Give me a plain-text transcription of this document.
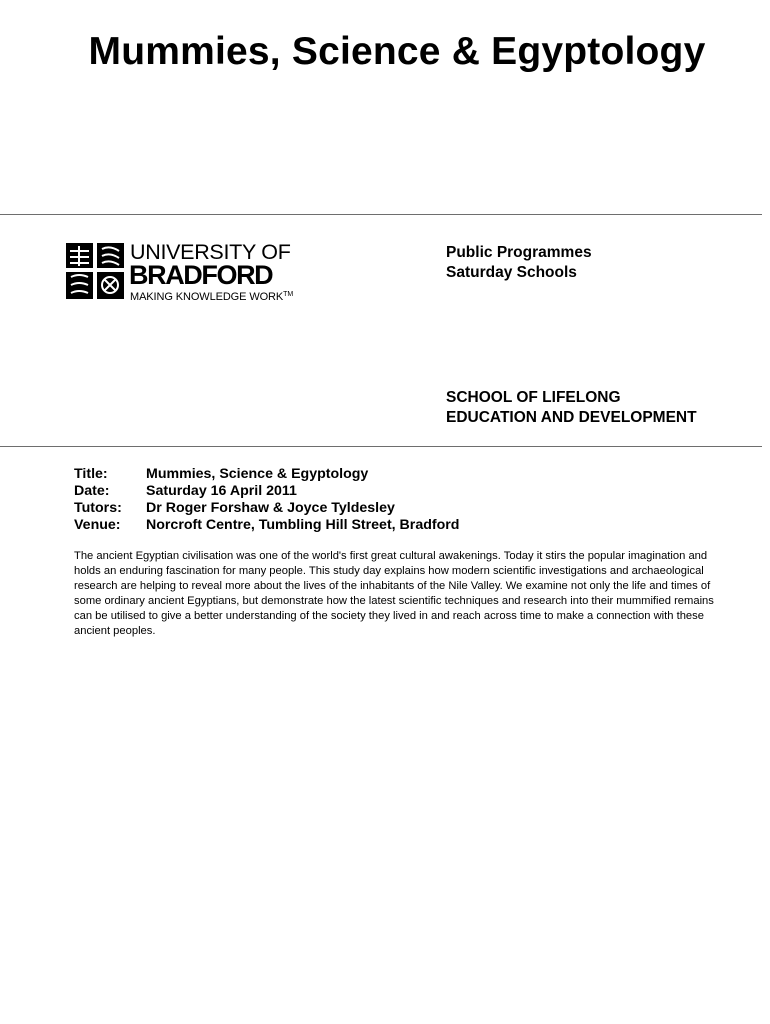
Mummies, Science & Egyptology
UNIVERSITY OF
BRADFORD
MAKING KNOWLEDGE WORK™
Public Programmes
Saturday Schools
SCHOOL OF LIFELONG
EDUCATION AND DEVELOPMENT
Title:	Mummies, Science & Egyptology
Date:	Saturday 16 April 2011
Tutors: Dr Roger Forshaw & Joyce Tyldesley
Venue: Norcroft Centre, Tumbling Hill Street, Bradford

The ancient Egyptian civilisation was one of the world's first great cultural awakenings. Today it stirs the popular imagination and holds an enduring fascination for many people. This study day explains how modern scientific investigations and archaeological research are helping to reveal more about the lives of the inhabitants of the Nile Valley. We examine not only the life and times of some ordinary ancient Egyptians, but demonstrate how the latest scientific techniques and research into their mummified remains can be utilised to give a better understanding of the society they lived in and reach across time to make a connection with these ancient peoples.
